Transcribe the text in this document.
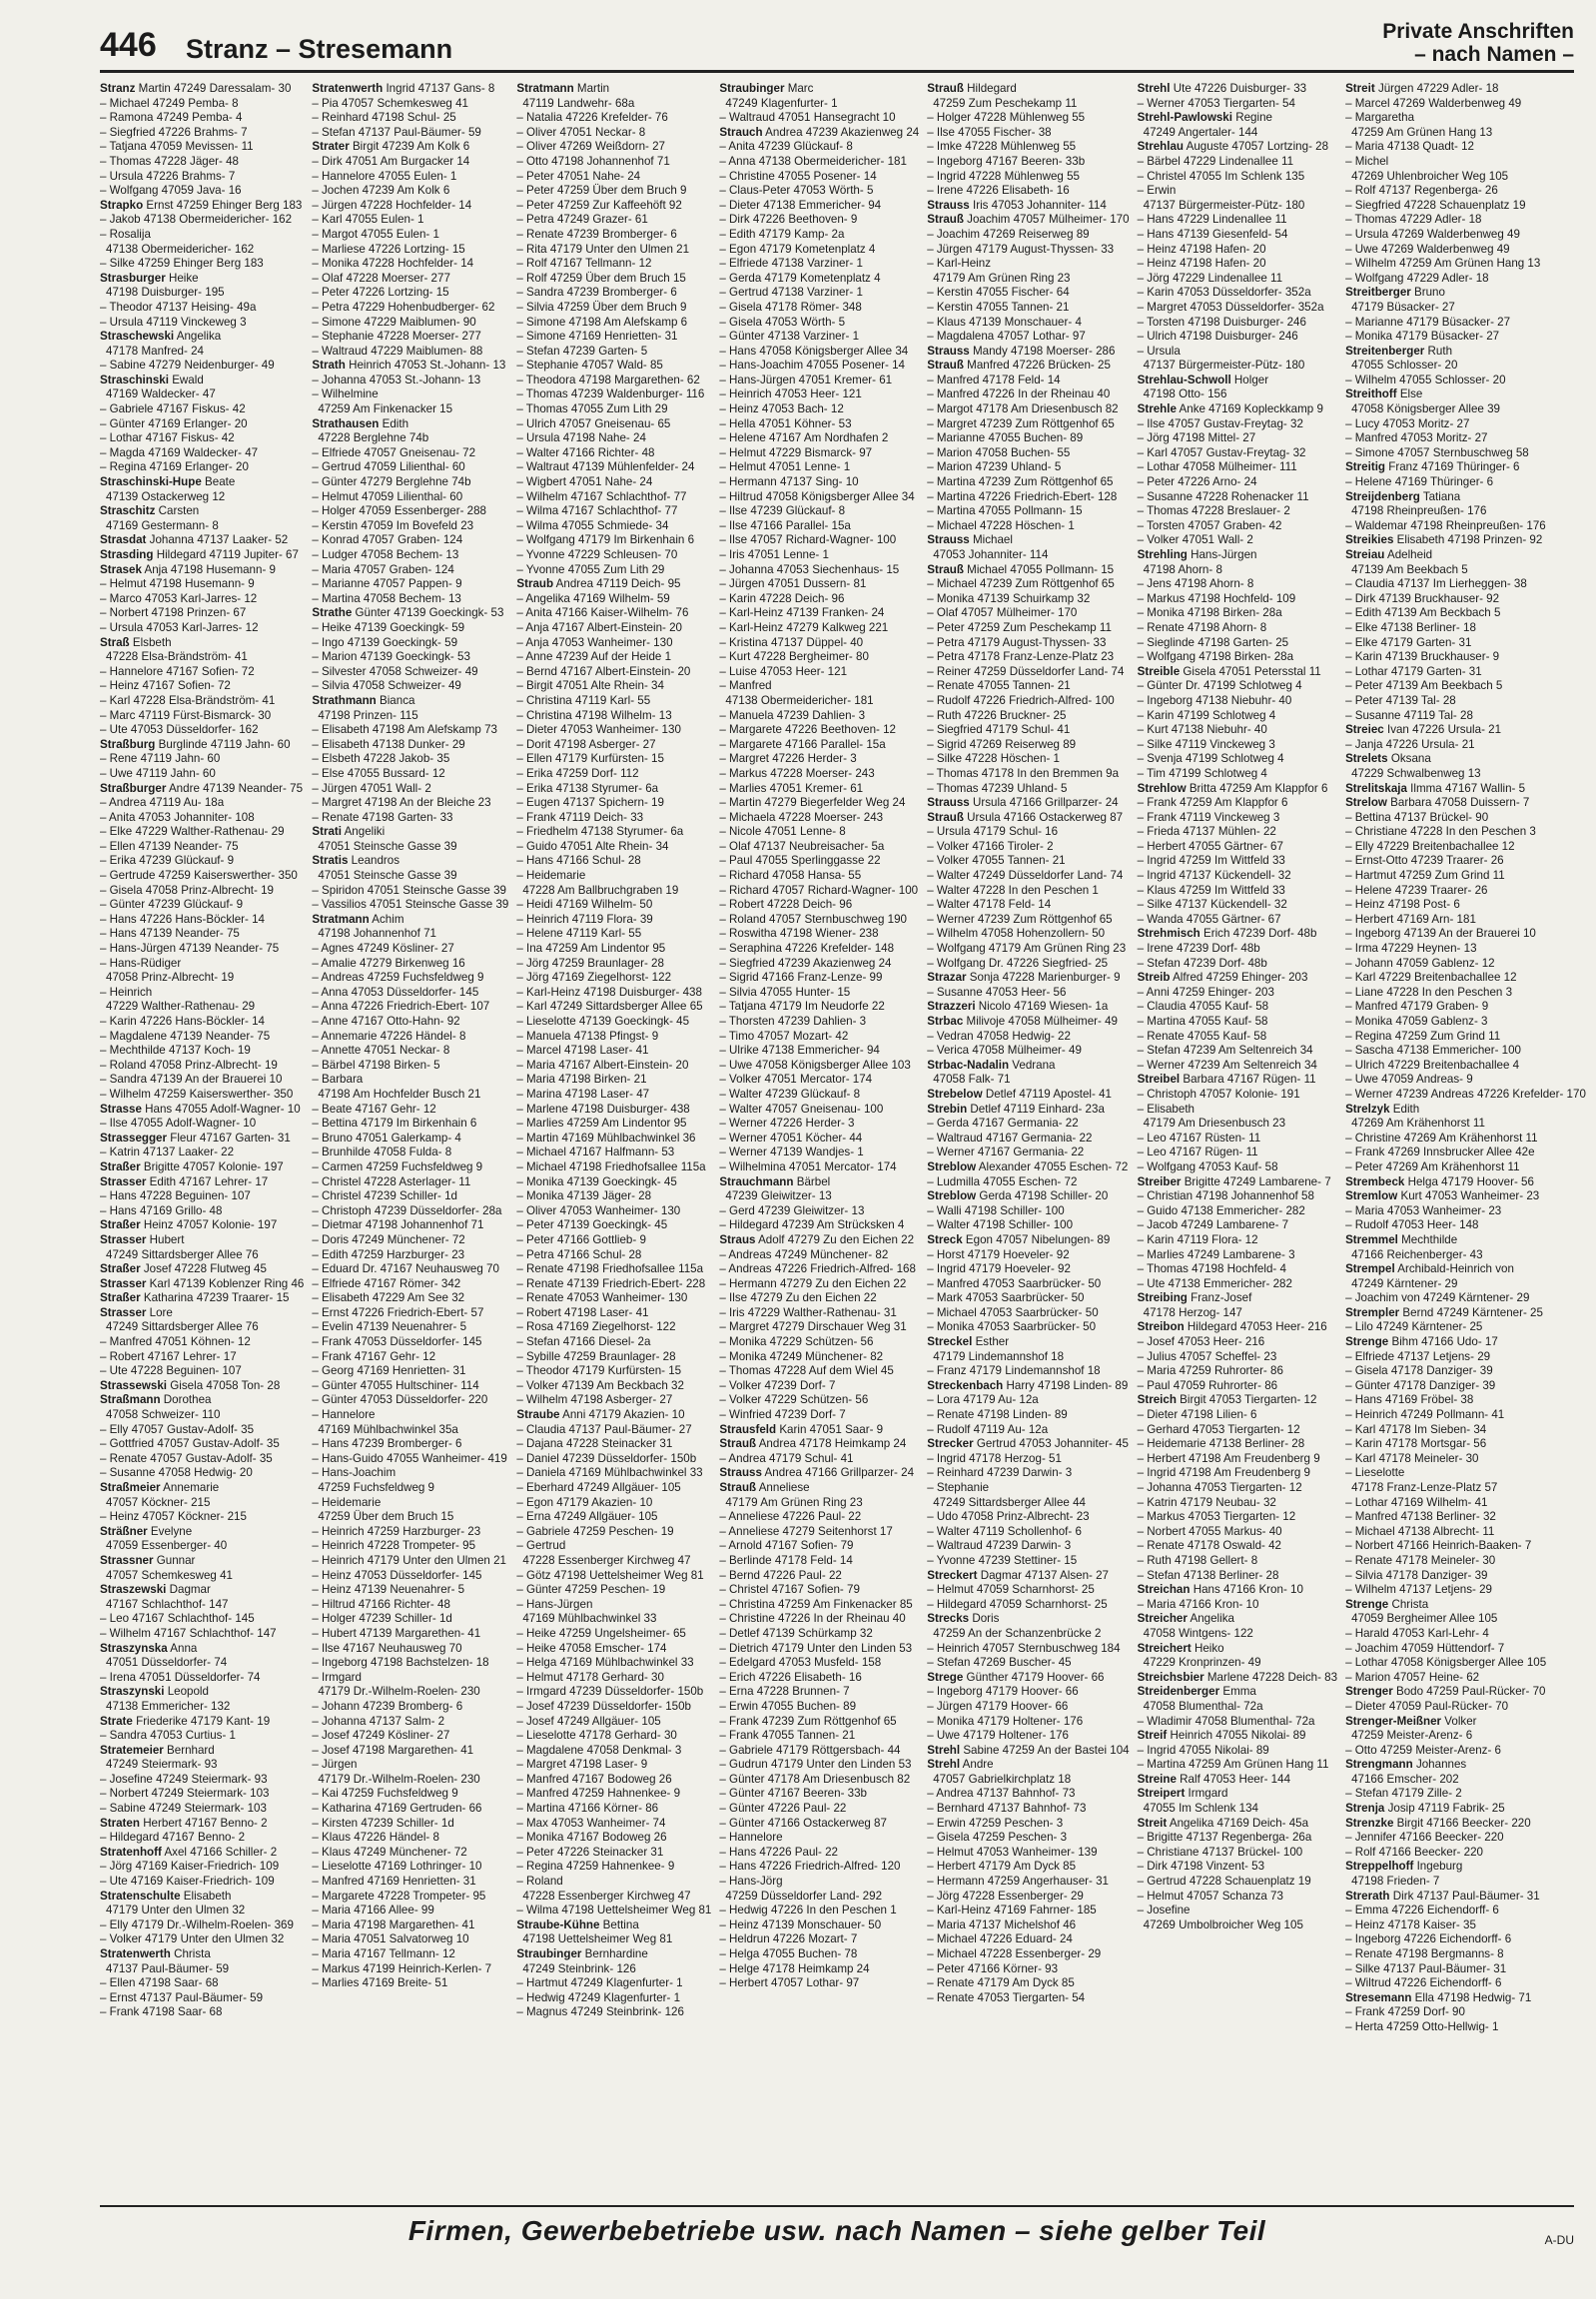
446 Stranz – Stresemann
Private Anschriften
– nach Namen –
Stranz Martin 47249 Daressalam- 30
– Michael 47249 Pemba- 8
– Ramona 47249 Pemba- 4
– Siegfried 47226 Brahms- 7
– Tatjana 47059 Mevissen- 11
– Thomas 47228 Jäger- 48
– Ursula 47226 Brahms- 7
– Wolfgang 47059 Java- 16
Strapko Ernst 47259 Ehinger Berg 183
– Jakob 47138 Obermeidericher- 162
– Rosalija
47138 Obermeidericher- 162
– Silke 47259 Ehinger Berg 183
Strasburger Heike
47198 Duisburger- 195
– Theodor 47137 Heising- 49a
– Ursula 47119 Vinckeweg 3
Straschewski Angelika
47178 Manfred- 24
– Sabine 47279 Neidenburger- 49
Straschinski Ewald
47169 Waldecker- 47
– Gabriele 47167 Fiskus- 42
– Günter 47169 Erlanger- 20
– Lothar 47167 Fiskus- 42
– Magda 47169 Waldecker- 47
– Regina 47169 Erlanger- 20
Straschinski-Hupe Beate
47139 Ostackerweg 12
Straschitz Carsten
47169 Gestermann- 8
Strasdat Johanna 47137 Laaker- 52
Strasding Hildegard 47119 Jupiter- 67
Strasek Anja 47198 Husemann- 9
– Helmut 47198 Husemann- 9
– Marco 47053 Karl-Jarres- 12
– Norbert 47198 Prinzen- 67
– Ursula 47053 Karl-Jarres- 12
Straß Elsbeth
47228 Elsa-Brändström- 41
– Hannelore 47167 Sofien- 72
– Heinz 47167 Sofien- 72
– Karl 47228 Elsa-Brändström- 41
– Marc 47119 Fürst-Bismarck- 30
– Ute 47053 Düsseldorfer- 162
Straßburg Burglinde 47119 Jahn- 60
– Rene 47119 Jahn- 60
– Uwe 47119 Jahn- 60
Straßburger Andre 47139 Neander- 75
– Andrea 47119 Au- 18a
– Anita 47053 Johanniter- 108
– Elke 47229 Walther-Rathenau- 29
– Ellen 47139 Neander- 75
– Erika 47239 Glückauf- 9
– Gertrude 47259 Kaiserswerther- 350
– Gisela 47058 Prinz-Albrecht- 19
– Günter 47239 Glückauf- 9
– Hans 47226 Hans-Böckler- 14
– Hans 47139 Neander- 75
– Hans-Jürgen 47139 Neander- 75
– Hans-Rüdiger
47058 Prinz-Albrecht- 19
– Heinrich
47229 Walther-Rathenau- 29
– Karin 47226 Hans-Böckler- 14
– Magdalene 47139 Neander- 75
– Mechthilde 47137 Koch- 19
– Roland 47058 Prinz-Albrecht- 19
– Sandra 47139 An der Brauerei 10
– Wilhelm 47259 Kaiserswerther- 350
Strasse Hans 47055 Adolf-Wagner- 10
– Ilse 47055 Adolf-Wagner- 10
Strassegger Fleur 47167 Garten- 31
– Katrin 47137 Laaker- 22
Straßer Brigitte 47057 Kolonie- 197
Strasser Edith 47167 Lehrer- 17
– Hans 47228 Beguinen- 107
– Hans 47169 Grillo- 48
Straßer Heinz 47057 Kolonie- 197
Strasser Hubert
47249 Sittardsberger Allee 76
Straßer Josef 47228 Flutweg 45
Strasser Karl 47139 Koblenzer Ring 46
Straßer Katharina 47239 Traarer- 15
Strasser Lore
47249 Sittardsberger Allee 76
– Manfred 47051 Köhnen- 12
– Robert 47167 Lehrer- 17
– Ute 47228 Beguinen- 107
Strassewski Gisela 47058 Ton- 28
Straßmann Dorothea
47058 Schweizer- 110
– Elly 47057 Gustav-Adolf- 35
– Gottfried 47057 Gustav-Adolf- 35
– Renate 47057 Gustav-Adolf- 35
– Susanne 47058 Hedwig- 20
Straßmeier Annemarie
47057 Köckner- 215
– Heinz 47057 Köckner- 215
Sträßner Evelyne
47059 Essenberger- 40
Strassner Gunnar
47057 Schemkesweg 41
Straszewski Dagmar
47167 Schlachthof- 147
– Leo 47167 Schlachthof- 145
– Wilhelm 47167 Schlachthof- 147
Straszynska Anna
47051 Düsseldorfer- 74
– Irena 47051 Düsseldorfer- 74
Straszynski Leopold
47138 Emmericher- 132
Strate Friederike 47179 Kant- 19
– Sandra 47053 Curtius- 1
Stratemeier Bernhard
47249 Steiermark- 93
– Josefine 47249 Steiermark- 93
– Norbert 47249 Steiermark- 103
– Sabine 47249 Steiermark- 103
Straten Herbert 47167 Benno- 2
– Hildegard 47167 Benno- 2
Stratenhoff Axel 47166 Schiller- 2
– Jörg 47169 Kaiser-Friedrich- 109
– Ute 47169 Kaiser-Friedrich- 109
Stratenschulte Elisabeth
47179 Unter den Ulmen 32
– Elly 47179 Dr.-Wilhelm-Roelen- 369
– Volker 47179 Unter den Ulmen 32
Stratenwerth Christa
47137 Paul-Bäumer- 59
– Ellen 47198 Saar- 68
– Ernst 47137 Paul-Bäumer- 59
– Frank 47198 Saar- 68
Stratenwerth Ingrid 47137 Gans- 8
– Pia 47057 Schemkesweg 41
– Reinhard 47198 Schul- 25
– Stefan 47137 Paul-Bäumer- 59
Strater Birgit 47239 Am Kolk 6
– Dirk 47051 Am Burgacker 14
– Hannelore 47055 Eulen- 1
– Jochen 47239 Am Kolk 6
– Jürgen 47228 Hochfelder- 14
– Karl 47055 Eulen- 1
– Margot 47055 Eulen- 1
– Marliese 47226 Lortzing- 15
– Monika 47228 Hochfelder- 14
– Olaf 47228 Moerser- 277
– Peter 47226 Lortzing- 15
– Petra 47229 Hohenbudberger- 62
– Simone 47229 Maiblumen- 90
– Stephanie 47228 Moerser- 277
– Waltraud 47229 Maiblumen- 88
Strath Heinrich 47053 St.-Johann- 13
– Johanna 47053 St.-Johann- 13
– Wilhelmine
47259 Am Finkenacker 15
Strathausen Edith
47228 Berglehne 74b
– Elfriede 47057 Gneisenau- 72
– Gertrud 47059 Lilienthal- 60
– Günter 47279 Berglehne 74b
– Helmut 47059 Lilienthal- 60
– Holger 47059 Essenberger- 288
– Kerstin 47059 Im Bovefeld 23
– Konrad 47057 Graben- 124
– Ludger 47058 Bechem- 13
– Maria 47057 Graben- 124
– Marianne 47057 Pappen- 9
– Martina 47058 Bechem- 13
Strathe Günter 47139 Goeckingk- 53
– Heike 47139 Goeckingk- 59
– Ingo 47139 Goeckingk- 59
– Marion 47139 Goeckingk- 53
– Silvester 47058 Schweizer- 49
– Silvia 47058 Schweizer- 49
Strathmann Bianca
47198 Prinzen- 115
– Elisabeth 47198 Am Alefskamp 73
– Elisabeth 47138 Dunker- 29
– Elsbeth 47228 Jakob- 35
– Else 47055 Bussard- 12
– Jürgen 47051 Wall- 2
– Margret 47198 An der Bleiche 23
– Renate 47198 Garten- 33
Strati Angeliki
47051 Steinsche Gasse 39
Stratis Leandros
47051 Steinsche Gasse 39
– Spiridon 47051 Steinsche Gasse 39
– Vassilios 47051 Steinsche Gasse 39
Stratmann Achim
47198 Johannenhof 71
– Agnes 47249 Kösliner- 27
– Amalie 47279 Birkenweg 16
– Andreas 47259 Fuchsfeldweg 9
– Anna 47053 Düsseldorfer- 145
– Anna 47226 Friedrich-Ebert- 107
– Anne 47167 Otto-Hahn- 92
– Annemarie 47226 Händel- 8
– Annette 47051 Neckar- 8
– Bärbel 47198 Birken- 5
– Barbara
47198 Am Hochfelder Busch 21
– Beate 47167 Gehr- 12
– Bettina 47179 Im Birkenhain 6
– Bruno 47051 Galerkamp- 4
– Brunhilde 47058 Fulda- 8
– Carmen 47259 Fuchsfeldweg 9
– Christel 47228 Asterlager- 11
– Christel 47239 Schiller- 1d
– Christoph 47239 Düsseldorfer- 28a
– Dietmar 47198 Johannenhof 71
– Doris 47249 Münchener- 72
– Edith 47259 Harzburger- 23
– Eduard Dr. 47167 Neuhausweg 70
– Elfriede 47167 Römer- 342
– Elisabeth 47229 Am See 32
– Ernst 47226 Friedrich-Ebert- 57
– Evelin 47139 Neuenahrer- 5
– Frank 47053 Düsseldorfer- 145
– Frank 47167 Gehr- 12
– Georg 47169 Henrietten- 31
– Günter 47055 Hultschiner- 114
– Günter 47053 Düsseldorfer- 220
– Hannelore
47169 Mühlbachwinkel 35a
– Hans 47239 Bromberger- 6
– Hans-Guido 47055 Wanheimer- 419
– Hans-Joachim
47259 Fuchsfeldweg 9
– Heidemarie
47259 Über dem Bruch 15
– Heinrich 47259 Harzburger- 23
– Heinrich 47228 Trompeter- 95
– Heinrich 47179 Unter den Ulmen 21
– Heinz 47053 Düsseldorfer- 145
– Heinz 47139 Neuenahrer- 5
– Hiltrud 47166 Richter- 48
– Holger 47239 Schiller- 1d
– Hubert 47139 Margarethen- 41
– Ilse 47167 Neuhausweg 70
– Ingeborg 47198 Bachstelzen- 18
– Irmgard
47179 Dr.-Wilhelm-Roelen- 230
– Johann 47239 Bromberg- 6
– Johanna 47137 Salm- 2
– Josef 47249 Kösliner- 27
– Josef 47198 Margarethen- 41
– Jürgen
47179 Dr.-Wilhelm-Roelen- 230
– Kai 47259 Fuchsfeldweg 9
– Katharina 47169 Gertruden- 66
– Kirsten 47239 Schiller- 1d
– Klaus 47226 Händel- 8
– Klaus 47249 Münchener- 72
– Lieselotte 47169 Lothringer- 10
– Manfred 47169 Henrietten- 31
– Margarete 47228 Trompeter- 95
– Maria 47166 Alleе- 99
– Maria 47198 Margarethen- 41
– Maria 47051 Salvatorweg 10
– Maria 47167 Tellmann- 12
– Markus 47199 Heinrich-Kerlen- 7
– Marlies 47169 Breite- 51
Stratmann Martin
47119 Landwehr- 68a
– Natalia 47226 Krefelder- 76
– Oliver 47051 Neckar- 8
– Oliver 47269 Weißdorn- 27
– Otto 47198 Johannenhof 71
– Peter 47051 Nahe- 24
– Peter 47259 Über dem Bruch 9
– Peter 47259 Zur Kaffeehöft 92
– Petra 47249 Grazer- 61
– Renate 47239 Bromberger- 6
– Rita 47179 Unter den Ulmen 21
– Rolf 47167 Tellmann- 12
– Rolf 47259 Über dem Bruch 15
– Sandra 47239 Bromberger- 6
– Silvia 47259 Über dem Bruch 9
– Simone 47198 Am Alefskamp 6
– Simone 47169 Henrietten- 31
– Stefan 47239 Garten- 5
– Stephanie 47057 Wald- 85
– Theodora 47198 Margarethen- 62
– Thomas 47239 Waldenburger- 116
– Thomas 47055 Zum Lith 29
– Ulrich 47057 Gneisenau- 65
– Ursula 47198 Nahe- 24
– Walter 47166 Richter- 48
– Waltraut 47139 Mühlenfelder- 24
– Wigbert 47051 Nahe- 24
– Wilhelm 47167 Schlachthof- 77
– Wilma 47167 Schlachthof- 77
– Wilma 47055 Schmiede- 34
– Wolfgang 47179 Im Birkenhain 6
– Yvonne 47229 Schleusen- 70
– Yvonne 47055 Zum Lith 29
Straub Andrea 47119 Deich- 95
– Angelika 47169 Wilhelm- 59
– Anita 47166 Kaiser-Wilhelm- 76
– Anja 47167 Albert-Einstein- 20
– Anja 47053 Wanheimer- 130
– Anne 47239 Auf der Heide 1
– Bernd 47167 Albert-Einstein- 20
– Birgit 47051 Alte Rhein- 34
– Christina 47119 Karl- 55
– Christina 47198 Wilhelm- 13
– Dieter 47053 Wanheimer- 130
– Dorit 47198 Asberger- 27
– Ellen 47179 Kurfürsten- 15
– Erika 47259 Dorf- 112
– Erika 47138 Styrumer- 6a
– Eugen 47137 Spichern- 19
– Frank 47119 Deich- 33
– Friedhelm 47138 Styrumer- 6a
– Guido 47051 Alte Rhein- 34
– Hans 47166 Schul- 28
– Heidemarie
47228 Am Ballbruchgraben 19
– Heidi 47169 Wilhelm- 50
– Heinrich 47119 Flora- 39
– Helene 47119 Karl- 55
– Ina 47259 Am Lindentor 95
– Jörg 47259 Braunlager- 28
– Jörg 47169 Ziegelhorst- 122
– Karl-Heinz 47198 Duisburger- 438
– Karl 47249 Sittardsberger Allee 65
– Lieselotte 47139 Goeckingk- 45
– Manuela 47138 Pfingst- 9
– Marcel 47198 Laser- 41
– Maria 47167 Albert-Einstein- 20
– Maria 47198 Birken- 21
– Marina 47198 Laser- 47
– Marlene 47198 Duisburger- 438
– Marlies 47259 Am Lindentor 95
– Martin 47169 Mühlbachwinkel 36
– Michael 47167 Halfmann- 53
– Michael 47198 Friedhofsallee 115a
– Monika 47139 Goeckingk- 45
– Monika 47139 Jäger- 28
– Oliver 47053 Wanheimer- 130
– Peter 47139 Goeckingk- 45
– Peter 47166 Gottlieb- 9
– Petra 47166 Schul- 28
– Renate 47198 Friedhofsallee 115a
– Renate 47139 Friedrich-Ebert- 228
– Renate 47053 Wanheimer- 130
– Robert 47198 Laser- 41
– Rosa 47169 Ziegelhorst- 122
– Stefan 47166 Diesel- 2a
– Sybille 47259 Braunlager- 28
– Theodor 47179 Kurfürsten- 15
– Volker 47139 Am Beckbach 32
– Wilhelm 47198 Asberger- 27
Straube Anni 47179 Akazien- 10
– Claudia 47137 Paul-Bäumer- 27
– Dajana 47228 Steinacker 31
– Daniel 47239 Düsseldorfer- 150b
– Daniela 47169 Mühlbachwinkel 33
– Eberhard 47249 Allgäuer- 105
– Egon 47179 Akazien- 10
– Erna 47249 Allgäuer- 105
– Gabriele 47259 Peschen- 19
– Gertrud
47228 Essenberger Kirchweg 47
– Götz 47198 Uettelsheimer Weg 81
– Günter 47259 Peschen- 19
– Hans-Jürgen
47169 Mühlbachwinkel 33
– Heike 47259 Ungelsheimer- 65
– Heike 47058 Emscher- 174
– Helga 47169 Mühlbachwinkel 33
– Helmut 47178 Gerhard- 30
– Irmgard 47239 Düsseldorfer- 150b
– Josef 47239 Düsseldorfer- 150b
– Josef 47249 Allgäuer- 105
– Lieselotte 47178 Gerhard- 30
– Magdalene 47058 Denkmal- 3
– Margret 47198 Laser- 9
– Manfred 47167 Bodoweg 26
– Manfred 47259 Hahnenkee- 9
– Martina 47166 Körner- 86
– Max 47053 Wanheimer- 74
– Monika 47167 Bodoweg 26
– Peter 47226 Steinacker 31
– Regina 47259 Hahnenkee- 9
– Roland
47228 Essenberger Kirchweg 47
– Wilma 47198 Uettelsheimer Weg 81
Straube-Kühne Bettina
47198 Uettelsheimer Weg 81
Straubinger Bernhardine
47249 Steinbrink- 126
– Hartmut 47249 Klagenfurter- 1
– Hedwig 47249 Klagenfurter- 1
– Magnus 47249 Steinbrink- 126
Straubinger Marc
47249 Klagenfurter- 1
– Waltraud 47051 Hansegracht 10
Strauch Andrea 47239 Akazienweg 24
– Anita 47239 Glückauf- 8
– Anna 47138 Obermeidericher- 181
– Christine 47055 Posener- 14
– Claus-Peter 47053 Wörth- 5
– Dieter 47138 Emmericher- 94
– Dirk 47226 Beethoven- 9
– Edith 47179 Kamp- 2a
– Egon 47179 Kometenplatz 4
– Elfriede 47138 Varziner- 1
– Gerda 47179 Kometenplatz 4
– Gertrud 47138 Varziner- 1
– Gisela 47178 Römer- 348
– Gisela 47053 Wörth- 5
– Günter 47138 Varziner- 1
– Hans 47058 Königsberger Allee 34
– Hans-Joachim 47055 Posener- 14
– Hans-Jürgen 47051 Kremer- 61
– Heinrich 47053 Heer- 121
– Heinz 47053 Bach- 12
– Hella 47051 Köhner- 53
– Helene 47167 Am Nordhafen 2
– Helmut 47229 Bismarck- 97
– Helmut 47051 Lenne- 1
– Hermann 47137 Sing- 10
– Hiltrud 47058 Königsberger Allee 34
– Ilse 47239 Glückauf- 8
– Ilse 47166 Parallel- 15a
– Ilse 47057 Richard-Wagner- 100
– Iris 47051 Lenne- 1
– Johanna 47053 Siechenhaus- 15
– Jürgen 47051 Dussern- 81
– Karin 47228 Deich- 96
– Karl-Heinz 47139 Franken- 24
– Karl-Heinz 47279 Kalkweg 221
– Kristina 47137 Düppel- 40
– Kurt 47228 Bergheimer- 80
– Luise 47053 Heer- 121
– Manfred
47138 Obermeidericher- 181
– Manuela 47239 Dahlien- 3
– Margarete 47226 Beethoven- 12
– Margarete 47166 Parallel- 15a
– Margret 47226 Herder- 3
– Markus 47228 Moerser- 243
– Marlies 47051 Kremer- 61
– Martin 47279 Biegerfelder Weg 24
– Michaela 47228 Moerser- 243
– Nicole 47051 Lenne- 8
– Olaf 47137 Neubreisacher- 5a
– Paul 47055 Sperlinggasse 22
– Richard 47058 Hansa- 55
– Richard 47057 Richard-Wagner- 100
– Robert 47228 Deich- 96
– Roland 47057 Sternbuschweg 190
– Roswitha 47198 Wiener- 238
– Seraphina 47226 Krefelder- 148
– Siegfried 47239 Akazienweg 24
– Sigrid 47166 Franz-Lenze- 99
– Silvia 47055 Hunter- 15
– Tatjana 47179 Im Neudorfe 22
– Thorsten 47239 Dahlien- 3
– Timo 47057 Mozart- 42
– Ulrike 47138 Emmericher- 94
– Uwe 47058 Königsberger Allee 103
– Volker 47051 Mercator- 174
– Walter 47239 Glückauf- 8
– Walter 47057 Gneisenau- 100
– Werner 47226 Herder- 3
– Werner 47051 Köcher- 44
– Werner 47139 Wandjes- 1
– Wilhelmina 47051 Mercator- 174
Strauchmann Bärbel
47239 Gleiwitzer- 13
– Gerd 47239 Gleiwitzer- 13
– Hildegard 47239 Am Strücksken 4
Straus Adolf 47279 Zu den Eichen 22
– Andreas 47249 Münchener- 82
– Andreas 47226 Friedrich-Alfred- 168
– Hermann 47279 Zu den Eichen 22
– Ilse 47279 Zu den Eichen 22
– Iris 47229 Walther-Rathenau- 31
– Margret 47279 Dirschauer Weg 31
– Monika 47229 Schützen- 56
– Monika 47249 Münchener- 82
– Thomas 47228 Auf dem Wiel 45
– Volker 47239 Dorf- 7
– Volker 47229 Schützen- 56
– Winfried 47239 Dorf- 7
Strausfeld Karin 47051 Saar- 9
Strauß Andrea 47178 Heimkamp 24
– Andrea 47179 Schul- 41
Strauss Andrea 47166 Grillparzer- 24
Strauß Anneliese
47179 Am Grünen Ring 23
– Anneliese 47226 Paul- 22
– Anneliese 47279 Seitenhorst 17
– Arnold 47167 Sofien- 79
– Berlinde 47178 Feld- 14
– Bernd 47226 Paul- 22
– Christel 47167 Sofien- 79
– Christina 47259 Am Finkenacker 85
– Christine 47226 In der Rheinau 40
– Detlef 47139 Schürkamp 32
– Dietrich 47179 Unter den Linden 53
– Edelgard 47053 Musfeld- 158
– Erich 47226 Elisabeth- 16
– Erna 47228 Brunnen- 7
– Erwin 47055 Buchen- 89
– Frank 47239 Zum Röttgenhof 65
– Frank 47055 Tannen- 21
– Gabriele 47179 Röttgersbach- 44
– Gudrun 47179 Unter den Linden 53
– Günter 47178 Am Driesenbusch 82
– Günter 47167 Beeren- 33b
– Günter 47226 Paul- 22
– Günter 47166 Ostackerweg 87
– Hannelore
– Hans 47226 Paul- 22
– Hans 47226 Friedrich-Alfred- 120
– Hans-Jörg
47259 Düsseldorfer Land- 292
– Hedwig 47226 In den Peschen 1
– Heinz 47139 Monschauer- 50
– Heldrun 47226 Mozart- 7
– Helga 47055 Buchen- 78
– Helge 47178 Heimkamp 24
– Herbert 47057 Lothar- 97
Strauß Hildegard
47259 Zum Peschekamp 11
– Holger 47228 Mühlenweg 55
– Ilse 47055 Fischer- 38
– Imke 47228 Mühlenweg 55
– Ingeborg 47167 Beeren- 33b
– Ingrid 47228 Mühlenweg 55
– Irene 47226 Elisabeth- 16
Strauss Iris 47053 Johanniter- 114
Strauß Joachim 47057 Mülheimer- 170
– Joachim 47269 Reiserweg 89
– Jürgen 47179 August-Thyssen- 33
– Karl-Heinz
47179 Am Grünen Ring 23
– Kerstin 47055 Fischer- 64
– Kerstin 47055 Tannen- 21
– Klaus 47139 Monschauer- 4
– Magdalena 47057 Lothar- 97
Strauss Mandy 47198 Moerser- 286
Strauß Manfred 47226 Brücken- 25
– Manfred 47178 Feld- 14
– Manfred 47226 In der Rheinau 40
– Margot 47178 Am Driesenbusch 82
– Margret 47239 Zum Röttgenhof 65
– Marianne 47055 Buchen- 89
– Marion 47058 Buchen- 55
– Marion 47239 Uhland- 5
– Martina 47239 Zum Röttgenhof 65
– Martina 47226 Friedrich-Ebert- 128
– Martina 47055 Pollmann- 15
– Michael 47228 Höschen- 1
Strauss Michael
47053 Johanniter- 114
Strauß Michael 47055 Pollmann- 15
– Michael 47239 Zum Röttgenhof 65
– Monika 47139 Schuirkamp 32
– Olaf 47057 Mülheimer- 170
– Peter 47259 Zum Peschekamp 11
– Petra 47179 August-Thyssen- 33
– Petra 47178 Franz-Lenze-Platz 23
– Reiner 47259 Düsseldorfer Land- 74
– Renate 47055 Tannen- 21
– Rudolf 47226 Friedrich-Alfred- 100
– Ruth 47226 Bruckner- 25
– Siegfried 47179 Schul- 41
– Sigrid 47269 Reiserweg 89
– Silke 47228 Höschen- 1
– Thomas 47178 In den Bremmen 9a
– Thomas 47239 Uhland- 5
Strauss Ursula 47166 Grillparzer- 24
Strauß Ursula 47166 Ostackerweg 87
– Ursula 47179 Schul- 16
– Volker 47166 Tiroler- 2
– Volker 47055 Tannen- 21
– Walter 47249 Düsseldorfer Land- 74
– Walter 47228 In den Peschen 1
– Walter 47178 Feld- 14
– Werner 47239 Zum Röttgenhof 65
– Wilhelm 47058 Hohenzollern- 50
– Wolfgang 47179 Am Grünen Ring 23
– Wolfgang Dr. 47226 Siegfried- 25
Strazar Sonja 47228 Marienburger- 9
– Susanne 47053 Heer- 56
Strazzeri Nicolo 47169 Wiesen- 1a
Strbac Milivoje 47058 Mülheimer- 49
– Vedran 47058 Hedwig- 22
– Verica 47058 Mülheimer- 49
Strbac-Nadalin Vedrana
47058 Falk- 71
Strebelow Detlef 47119 Apostel- 41
Strebin Detlef 47119 Einhard- 23a
– Gerda 47167 Germania- 22
– Waltraud 47167 Germania- 22
– Werner 47167 Germania- 22
Streblow Alexander 47055 Eschen- 72
– Ludmilla 47055 Eschen- 72
Streblow Gerda 47198 Schiller- 20
– Walli 47198 Schiller- 100
– Walter 47198 Schiller- 100
Streck Egon 47057 Nibelungen- 89
– Horst 47179 Hoeveler- 92
– Ingrid 47179 Hoeveler- 92
– Manfred 47053 Saarbrücker- 50
– Mark 47053 Saarbrücker- 50
– Michael 47053 Saarbrücker- 50
– Monika 47053 Saarbrücker- 50
Streckel Esther
47179 Lindemannshof 18
– Franz 47179 Lindemannshof 18
Streckenbach Harry 47198 Linden- 89
– Lora 47179 Au- 12a
– Renate 47198 Linden- 89
– Rudolf 47119 Au- 12a
Strecker Gertrud 47053 Johanniter- 45
– Ingrid 47178 Herzog- 51
– Reinhard 47239 Darwin- 3
– Stephanie
47249 Sittardsberger Allee 44
– Udo 47058 Prinz-Albrecht- 23
– Walter 47119 Schollenhof- 6
– Waltraud 47239 Darwin- 3
– Yvonne 47239 Stettiner- 15
Streckert Dagmar 47137 Alsen- 27
– Helmut 47059 Scharnhorst- 25
– Hildegard 47059 Scharnhorst- 25
Strecks Doris
47259 An der Schanzenbrücke 2
– Heinrich 47057 Sternbuschweg 184
– Stefan 47269 Buscher- 45
Strege Günther 47179 Hoover- 66
– Ingeborg 47179 Hoover- 66
– Jürgen 47179 Hoover- 66
– Monika 47179 Holtener- 176
– Uwe 47179 Holtener- 176
Strehl Sabine 47259 An der Bastei 104
Strehl Andre
47057 Gabrielkirchplatz 18
– Andrea 47137 Bahnhof- 73
– Bernhard 47137 Bahnhof- 73
– Erwin 47259 Peschen- 3
– Gisela 47259 Peschen- 3
– Helmut 47053 Wanheimer- 139
– Herbert 47179 Am Dyck 85
– Hermann 47259 Angerhauser- 31
– Jörg 47228 Essenberger- 29
– Karl-Heinz 47169 Fahrner- 185
– Maria 47137 Michelshof 46
– Michael 47226 Eduard- 24
– Michael 47228 Essenberger- 29
– Peter 47166 Körner- 93
– Renate 47179 Am Dyck 85
– Renate 47053 Tiergarten- 54
Strehl Ute 47226 Duisburger- 33
– Werner 47053 Tiergarten- 54
Strehl-Pawlowski Regine
47249 Angertaler- 144
Strehlau Auguste 47057 Lortzing- 28
– Bärbel 47229 Lindenallee 11
– Christel 47055 Im Schlenk 135
– Erwin
47137 Bürgermeister-Pütz- 180
– Hans 47229 Lindenallee 11
– Hans 47139 Giesenfeld- 54
– Heinz 47198 Hafen- 20
– Heinz 47198 Hafen- 20
– Jörg 47229 Lindenallee 11
– Karin 47053 Düsseldorfer- 352a
– Margret 47053 Düsseldorfer- 352a
– Torsten 47198 Duisburger- 246
– Ulrich 47198 Duisburger- 246
– Ursula
47137 Bürgermeister-Pütz- 180
Strehlau-Schwoll Holger
47198 Otto- 156
Strehle Anke 47169 Kopleckkamp 9
– Ilse 47057 Gustav-Freytag- 32
– Jörg 47198 Mittel- 27
– Karl 47057 Gustav-Freytag- 32
– Lothar 47058 Mülheimer- 111
– Peter 47226 Arno- 24
– Susanne 47228 Rohenacker 11
– Thomas 47228 Breslauer- 2
– Torsten 47057 Graben- 42
– Volker 47051 Wall- 2
Strehling Hans-Jürgen
47198 Ahorn- 8
– Jens 47198 Ahorn- 8
– Markus 47198 Hochfeld- 109
– Monika 47198 Birken- 28a
– Renate 47198 Ahorn- 8
– Sieglinde 47198 Garten- 25
– Wolfgang 47198 Birken- 28a
Streible Gisela 47051 Petersstal 11
– Günter Dr. 47199 Schlotweg 4
– Ingeborg 47138 Niebuhr- 40
– Karin 47199 Schlotweg 4
– Kurt 47138 Niebuhr- 40
– Silke 47119 Vinckeweg 3
– Svenja 47199 Schlotweg 4
– Tim 47199 Schlotweg 4
Strehlow Britta 47259 Am Klappfor 6
– Frank 47259 Am Klappfor 6
– Frank 47119 Vinckeweg 3
– Frieda 47137 Mühlen- 22
– Herbert 47055 Gärtner- 67
– Ingrid 47259 Im Wittfeld 33
– Ingrid 47137 Kückendell- 32
– Klaus 47259 Im Wittfeld 33
– Silke 47137 Kückendell- 32
– Wanda 47055 Gärtner- 67
Strehmisch Erich 47239 Dorf- 48b
– Irene 47239 Dorf- 48b
– Stefan 47239 Dorf- 48b
Streib Alfred 47259 Ehinger- 203
– Anni 47259 Ehinger- 203
– Claudia 47055 Kauf- 58
– Martina 47055 Kauf- 58
– Renate 47055 Kauf- 58
– Stefan 47239 Am Seltenreich 34
– Werner 47239 Am Seltenreich 34
Streibel Barbara 47167 Rügen- 11
– Christoph 47057 Kolonie- 191
– Elisabeth
47179 Am Driesenbusch 23
– Leo 47167 Rüsten- 11
– Leo 47167 Rügen- 11
– Wolfgang 47053 Kauf- 58
Streiber Brigitte 47249 Lambarene- 7
– Christian 47198 Johannenhof 58
– Guido 47138 Emmericher- 282
– Jacob 47249 Lambarene- 7
– Karin 47119 Flora- 12
– Marlies 47249 Lambarene- 3
– Thomas 47198 Hochfeld- 4
– Ute 47138 Emmericher- 282
Streibing Franz-Josef
47178 Herzog- 147
Streibon Hildegard 47053 Heer- 216
– Josef 47053 Heer- 216
– Julius 47057 Scheffel- 23
– Maria 47259 Ruhrorter- 86
– Paul 47059 Ruhrorter- 86
Streich Birgit 47053 Tiergarten- 12
– Dieter 47198 Lilien- 6
– Gerhard 47053 Tiergarten- 12
– Heidemarie 47138 Berliner- 28
– Herbert 47198 Am Freudenberg 9
– Ingrid 47198 Am Freudenberg 9
– Johanna 47053 Tiergarten- 12
– Katrin 47179 Neubau- 32
– Markus 47053 Tiergarten- 12
– Norbert 47055 Markus- 40
– Renate 47178 Oswald- 42
– Ruth 47198 Gellert- 8
– Stefan 47138 Berliner- 28
Streichan Hans 47166 Kron- 10
– Maria 47166 Kron- 10
Streicher Angelika
47058 Wintgens- 122
Streichert Heiko
47229 Kronprinzen- 49
Streichsbier Marlene 47228 Deich- 83
Streidenberger Emma
47058 Blumenthal- 72a
– Wladimir 47058 Blumenthal- 72a
Streif Heinrich 47055 Nikolai- 89
– Ingrid 47055 Nikolai- 89
– Martina 47259 Am Grünen Hang 11
Streine Ralf 47053 Heer- 144
Streipert Irmgard
47055 Im Schlenk 134
Streit Angelika 47169 Deich- 45a
– Brigitte 47137 Regenberga- 26a
– Christiane 47137 Brückel- 100
– Dirk 47198 Vinzent- 53
– Gertrud 47228 Schauenplatz 19
– Helmut 47057 Schanza 73
– Josefine
47269 Umbolbroicher Weg 105
Streit Jürgen 47229 Adler- 18
– Marcel 47269 Walderbenweg 49
– Margaretha
47259 Am Grünen Hang 13
– Maria 47138 Quadt- 12
– Michel
47269 Uhlenbroicher Weg 105
– Rolf 47137 Regenberga- 26
– Siegfried 47228 Schauenplatz 19
– Thomas 47229 Adler- 18
– Ursula 47269 Walderbenweg 49
– Uwe 47269 Walderbenweg 49
– Wilhelm 47259 Am Grünen Hang 13
– Wolfgang 47229 Adler- 18
Streitberger Bruno
47179 Büsacker- 27
– Marianne 47179 Büsacker- 27
– Monika 47179 Büsacker- 27
Streitenberger Ruth
47055 Schlosser- 20
– Wilhelm 47055 Schlosser- 20
Streithoff Else
47058 Königsberger Allee 39
– Lucy 47053 Moritz- 27
– Manfred 47053 Moritz- 27
– Simone 47057 Sternbuschweg 58
Streitig Franz 47169 Thüringer- 6
– Helene 47169 Thüringer- 6
Streijdenberg Tatiana
47198 Rheinpreußen- 176
– Waldemar 47198 Rheinpreußen- 176
Streikies Elisabeth 47198 Prinzen- 92
Streiau Adelheid
47139 Am Beekbach 5
– Claudia 47137 Im Lierheggen- 38
– Dirk 47139 Bruckhauser- 92
– Edith 47139 Am Beckbach 5
– Elke 47138 Berliner- 18
– Elke 47179 Garten- 31
– Karin 47139 Bruckhauser- 9
– Lothar 47179 Garten- 31
– Peter 47139 Am Beekbach 5
– Peter 47139 Tal- 28
– Susanne 47119 Tal- 28
Streiec Ivan 47226 Ursula- 21
– Janja 47226 Ursula- 21
Strelets Oksana
47229 Schwalbenweg 13
Strelitskaja Ilmma 47167 Wallin- 5
Strelow Barbara 47058 Duissern- 7
– Bettina 47137 Brückel- 90
– Christiane 47228 In den Peschen 3
– Elly 47229 Breitenbachallee 12
– Ernst-Otto 47239 Traarer- 26
– Hartmut 47259 Zum Grind 11
– Helene 47239 Traarer- 26
– Heinz 47198 Post- 6
– Herbert 47169 Arn- 181
– Ingeborg 47139 An der Brauerei 10
– Irma 47229 Heynen- 13
– Johann 47059 Gablenz- 12
– Karl 47229 Breitenbachallee 12
– Liane 47228 In den Peschen 3
– Manfred 47179 Graben- 9
– Monika 47059 Gablenz- 3
– Regina 47259 Zum Grind 11
– Sascha 47138 Emmericher- 100
– Ulrich 47229 Breitenbachallee 4
– Uwe 47059 Andreas- 9
– Werner 47239 Andreas 47226 Krefelder- 170
Strelzyk Edith
47269 Am Krähenhorst 11
– Christine 47269 Am Krähenhorst 11
– Frank 47269 Innsbrucker Allee 42e
– Peter 47269 Am Krähenhorst 11
Strembeck Helga 47179 Hoover- 56
Stremlow Kurt 47053 Wanheimer- 23
– Maria 47053 Wanheimer- 23
– Rudolf 47053 Heer- 148
Stremmel Mechthilde
47166 Reichenberger- 43
Strempel Archibald-Heinrich von
47249 Kärntener- 29
– Joachim von 47249 Kärntener- 29
Strempler Bernd 47249 Kärntener- 25
– Lilo 47249 Kärntener- 25
Strenge Bihm 47166 Udo- 17
– Elfriede 47137 Letjens- 29
– Gisela 47178 Danziger- 39
– Günter 47178 Danziger- 39
– Hans 47169 Fröbel- 38
– Heinrich 47249 Pollmann- 41
– Karl 47178 Im Sieben- 34
– Karin 47178 Mortsgar- 56
– Karl 47178 Meineler- 30
– Lieselotte
47178 Franz-Lenze-Platz 57
– Lothar 47169 Wilhelm- 41
– Manfred 47138 Berliner- 32
– Michael 47138 Albrecht- 11
– Norbert 47166 Heinrich-Baaken- 7
– Renate 47178 Meineler- 30
– Silvia 47178 Danziger- 39
– Wilhelm 47137 Letjens- 29
Strenge Christa
47059 Bergheimer Allee 105
– Harald 47053 Karl-Lehr- 4
– Joachim 47059 Hüttendorf- 7
– Lothar 47058 Königsberger Allee 105
– Marion 47057 Heine- 62
Strenger Bodo 47259 Paul-Rücker- 70
– Dieter 47059 Paul-Rücker- 70
Strenger-Meißner Volker
47259 Meister-Arenz- 6
– Otto 47259 Meister-Arenz- 6
Strengmann Johannes
47166 Emscher- 202
– Stefan 47179 Zille- 2
Strenja Josip 47119 Fabrik- 25
Strenzke Birgit 47166 Beecker- 220
– Jennifer 47166 Beecker- 220
– Rolf 47166 Beecker- 220
Streppelhoff Ingeburg
47198 Frieden- 7
Strerath Dirk 47137 Paul-Bäumer- 31
– Emma 47226 Eichendorff- 6
– Heinz 47178 Kaiser- 35
– Ingeborg 47226 Eichendorff- 6
– Renate 47198 Bergmanns- 8
– Silke 47137 Paul-Bäumer- 31
– Wiltrud 47226 Eichendorff- 6
Stresemann Ella 47198 Hedwig- 71
– Frank 47259 Dorf- 90
– Herta 47259 Otto-Hellwig- 1
Firmen, Gewerbebetriebe usw. nach Namen – siehe gelber Teil	A-DU
